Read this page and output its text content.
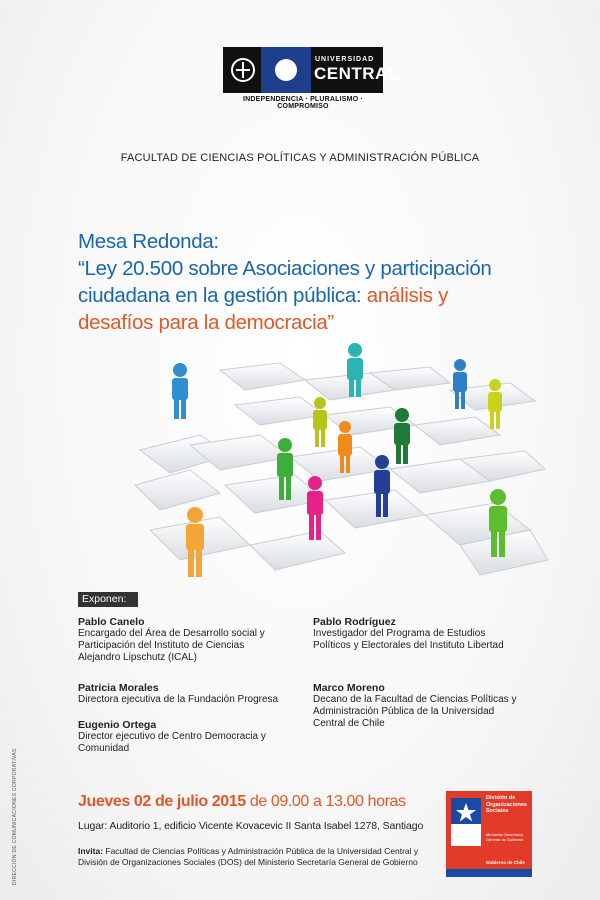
UNIVERSIDAD
CENTRAL
INDEPENDENCIA · PLURALISMO · COMPROMISO
FACULTAD DE CIENCIAS POLÍTICAS Y ADMINISTRACIÓN PÚBLICA
Mesa Redonda:
“Ley 20.500 sobre Asociaciones y participación
ciudadana en la gestión pública: análisis y
desafíos para la democracia”
Exponen:
Pablo Canelo
Encargado del Área de Desarrollo social y Participación del Instituto de Ciencias Alejandro Lipschutz (ICAL)
Patricia Morales
Directora ejecutiva de la Fundación Progresa
Eugenio Ortega
Director ejecutivo de Centro Democracia y Comunidad
Pablo Rodríguez
Investigador del Programa de Estudios Políticos y Electorales del Instituto Libertad
Marco Moreno
Decano de la Facultad de Ciencias Políticas y Administración Pública de la Universidad Central de Chile
Jueves 02 de julio 2015 de 09.00 a 13.00 horas
Lugar: Auditorio 1, edificio Vicente Kovacevic II Santa Isabel 1278, Santiago
Invita: Facultad de Ciencias Políticas y Administración Pública de la Universidad Central y División de Organizaciones Sociales (DOS) del Ministerio Secretaría General de Gobierno
DIRECCIÓN DE COMUNICACIONES CORPORATIVAS	División de Organizaciones Sociales
Ministerio Secretaría General de Gobierno
Gobierno de Chile
